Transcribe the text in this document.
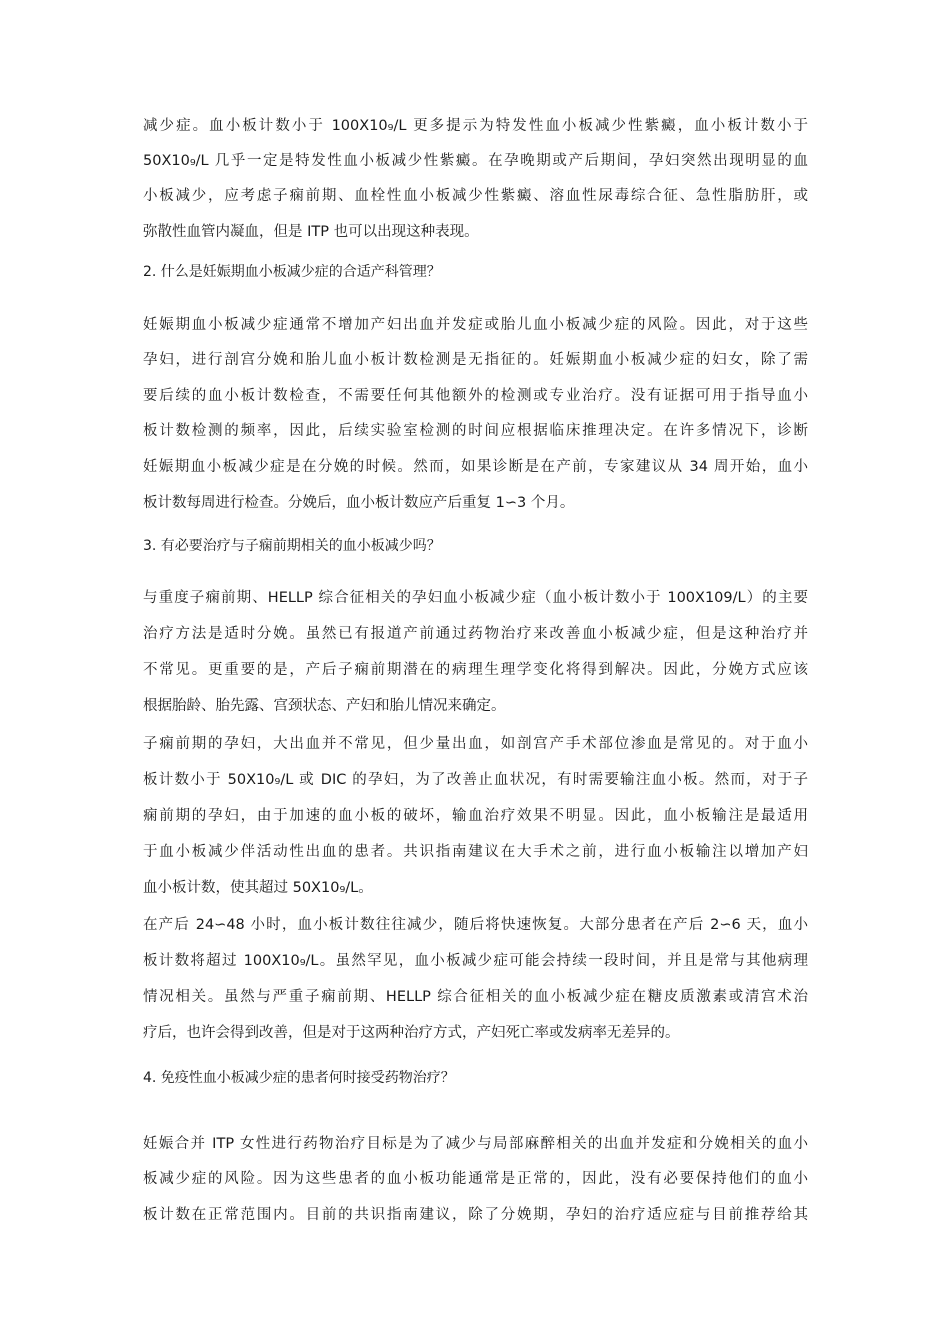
减少症。血小板计数小于 100X10₉/L 更多提示为特发性血小板减少性紫癜，血小板计数小于
50X10₉/L 几乎一定是特发性血小板减少性紫癜。在孕晚期或产后期间，孕妇突然出现明显的血
小板减少，应考虑子痫前期、血栓性血小板减少性紫癜、溶血性尿毒综合征、急性脂肪肝，或
弥散性血管内凝血，但是 ITP 也可以出现这种表现。
2. 什么是妊娠期血小板减少症的合适产科管理？
妊娠期血小板减少症通常不增加产妇出血并发症或胎儿血小板减少症的风险。因此，对于这些
孕妇，进行剖宫分娩和胎儿血小板计数检测是无指征的。妊娠期血小板减少症的妇女，除了需
要后续的血小板计数检查，不需要任何其他额外的检测或专业治疗。没有证据可用于指导血小
板计数检测的频率，因此，后续实验室检测的时间应根据临床推理决定。在许多情况下，诊断
妊娠期血小板减少症是在分娩的时候。然而，如果诊断是在产前，专家建议从 34 周开始，血小
板计数每周进行检查。分娩后，血小板计数应产后重复 1∽3 个月。
3. 有必要治疗与子痫前期相关的血小板减少吗？
与重度子痫前期、HELLP 综合征相关的孕妇血小板减少症（血小板计数小于 100X109/L）的主要
治疗方法是适时分娩。虽然已有报道产前通过药物治疗来改善血小板减少症，但是这种治疗并
不常见。更重要的是，产后子痫前期潜在的病理生理学变化将得到解决。因此，分娩方式应该
根据胎龄、胎先露、宫颈状态、产妇和胎儿情况来确定。
子痫前期的孕妇，大出血并不常见，但少量出血，如剖宫产手术部位渗血是常见的。对于血小
板计数小于 50X10₉/L 或 DIC 的孕妇，为了改善止血状况，有时需要输注血小板。然而，对于子
痫前期的孕妇，由于加速的血小板的破坏，输血治疗效果不明显。因此，血小板输注是最适用
于血小板减少伴活动性出血的患者。共识指南建议在大手术之前，进行血小板输注以增加产妇
血小板计数，使其超过 50X10₉/L。
在产后 24∽48 小时，血小板计数往往减少，随后将快速恢复。大部分患者在产后 2∽6 天，血小
板计数将超过 100X10₉/L。虽然罕见，血小板减少症可能会持续一段时间，并且是常与其他病理
情况相关。虽然与严重子痫前期、HELLP 综合征相关的血小板减少症在糖皮质激素或清宫术治
疗后，也许会得到改善，但是对于这两种治疗方式，产妇死亡率或发病率无差异的。
4. 免疫性血小板减少症的患者何时接受药物治疗？
妊娠合并 ITP 女性进行药物治疗目标是为了减少与局部麻醉相关的出血并发症和分娩相关的血小
板减少症的风险。因为这些患者的血小板功能通常是正常的，因此，没有必要保持他们的血小
板计数在正常范围内。目前的共识指南建议，除了分娩期，孕妇的治疗适应症与目前推荐给其
